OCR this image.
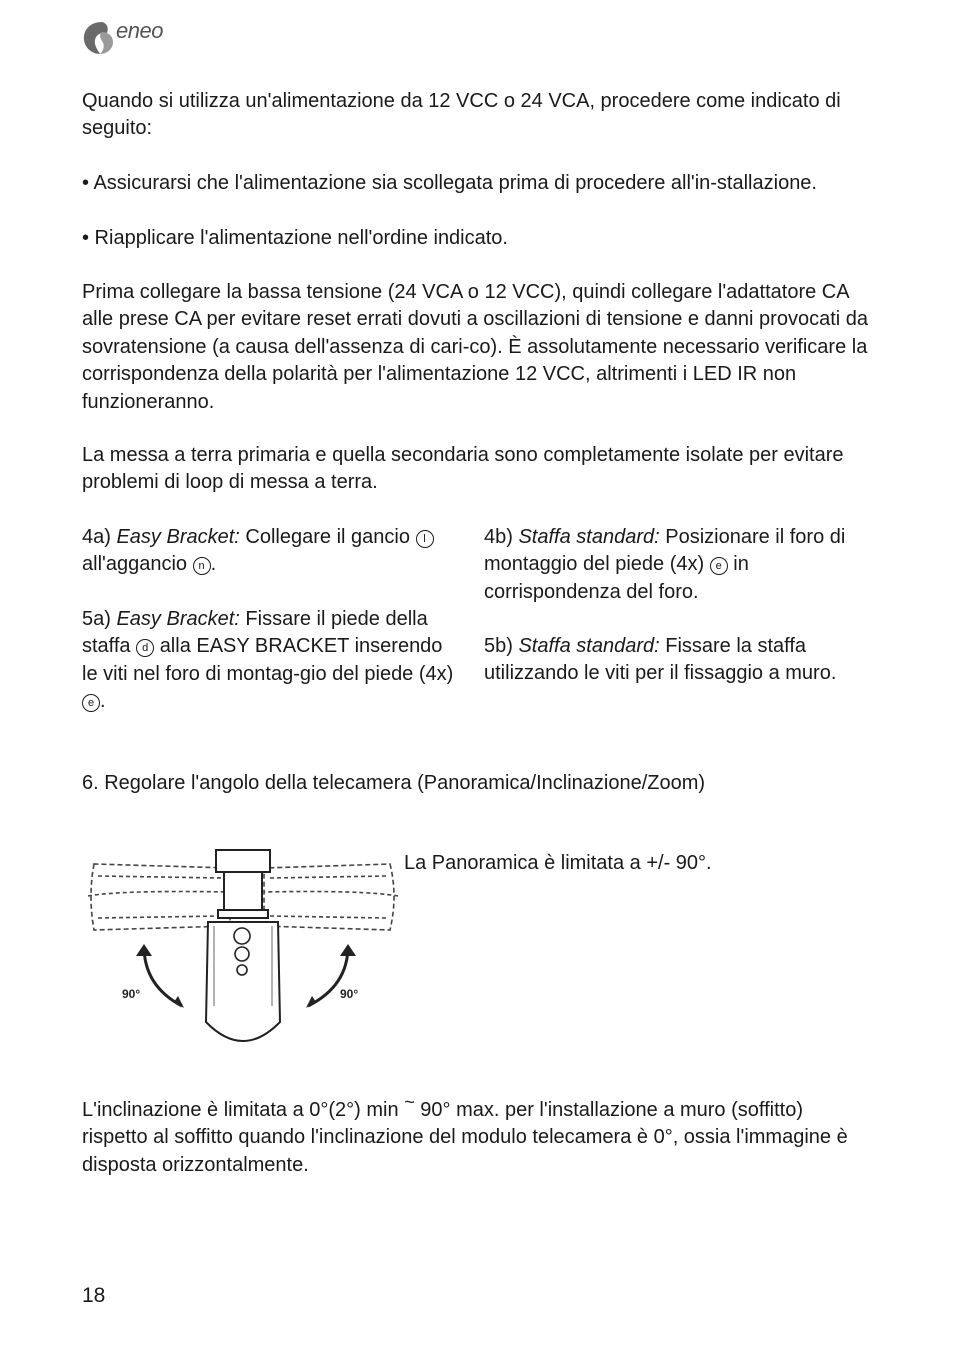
eneo

Quando si utilizza un'alimentazione da 12 VCC o 24 VCA, procedere come indicato di seguito:

• Assicurarsi che l'alimentazione sia scollegata prima di procedere all'in-stallazione.

• Riapplicare l'alimentazione nell'ordine indicato.

Prima collegare la bassa tensione (24 VCA o 12 VCC), quindi collegare l'adattatore CA alle prese CA per evitare reset errati dovuti a oscillazioni di tensione e danni provocati da sovratensione (a causa dell'assenza di cari-co). È assolutamente necessario verificare la corrispondenza della polarità per l'alimentazione 12 VCC, altrimenti i LED IR non funzioneranno.

La messa a terra primaria e quella secondaria sono completamente isolate per evitare problemi di loop di messa a terra.

4a) Easy Bracket: Collegare il gancio l all'aggancio n .

5a) Easy Bracket: Fissare il piede della staffa d alla EASY BRACKET inserendo le viti nel foro di montag-gio del piede (4x) e .

4b) Staffa standard: Posizionare il foro di montaggio del piede (4x) e in corrispondenza del foro.

5b) Staffa standard: Fissare la staffa utilizzando le viti per il fissaggio a muro.

6. Regolare l'angolo della telecamera (Panoramica/Inclinazione/Zoom)

90°	90°

La Panoramica è limitata a +/- 90°.

L'inclinazione è limitata a 0°(2°) min ~ 90° max. per l'installazione a muro (soffitto) rispetto al soffitto quando l'inclinazione del modulo telecamera è 0°, ossia l'immagine è disposta orizzontalmente.

18
